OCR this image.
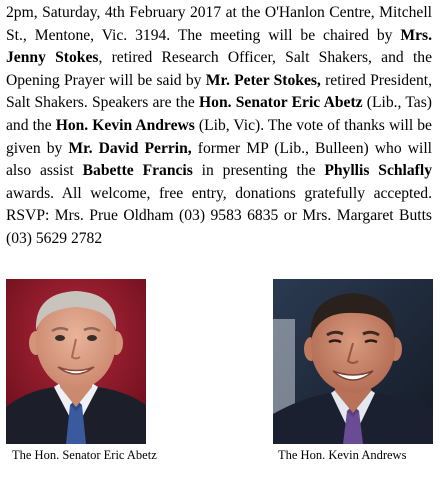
2pm, Saturday, 4th February 2017 at the O'Hanlon Centre, Mitchell St., Mentone, Vic. 3194. The meeting will be chaired by Mrs. Jenny Stokes, retired Research Officer, Salt Shakers, and the Opening Prayer will be said by Mr. Peter Stokes, retired President, Salt Shakers. Speakers are the Hon. Senator Eric Abetz (Lib., Tas) and the Hon. Kevin Andrews (Lib, Vic). The vote of thanks will be given by Mr. David Perrin, former MP (Lib., Bulleen) who will also assist Babette Francis in presenting the Phyllis Schlafly awards. All welcome, free entry, donations gratefully accepted. RSVP: Mrs. Prue Oldham (03) 9583 6835 or Mrs. Margaret Butts (03) 5629 2782

The Hon. Senator Eric Abetz	The Hon. Kevin Andrews
